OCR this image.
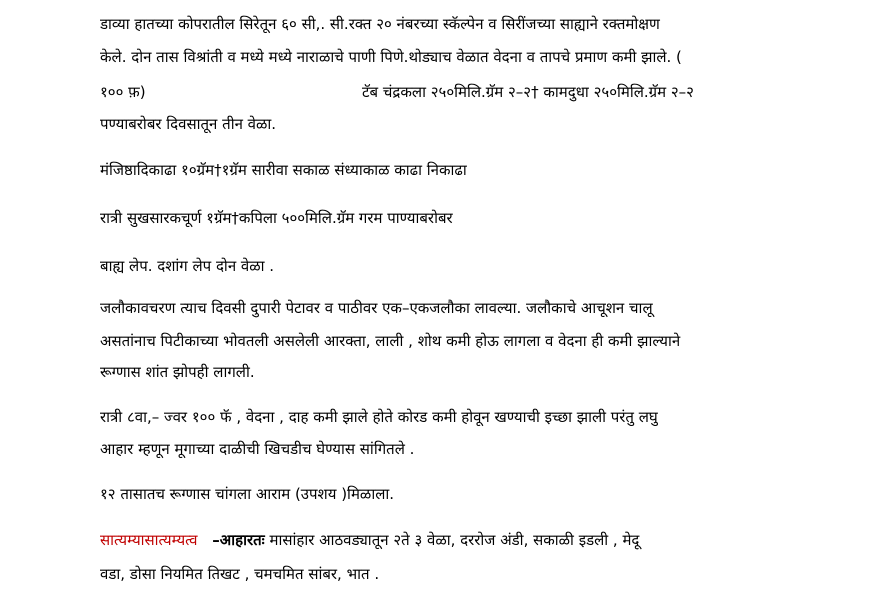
डाव्या हातच्या कोपरातील सिरेतून ६० सी,. सी.रक्त २० नंबरच्या स्कॅल्पेन व सिरींजच्या साह्याने रक्तमोक्षण
केले. दोन तास विश्रांती व मध्ये मध्ये नाराळाचे पाणी पिणे.थोड्याच वेळात वेदना व तापचे प्रमाण कमी झाले. (
१०० फ़)	टॅब चंद्रकला २५०मिलि.ग्रॅम २–२† कामदुधा २५०मिलि.ग्रॅम २–२
पण्याबरोबर दिवसातून तीन वेळा.
मंजिष्ठादिकाढा १०ग्रॅम†१ग्रॅम सारीवा सकाळ संध्याकाळ काढा निकाढा
रात्री सुखसारकचूर्ण १ग्रॅम†कपिला ५००मिलि.ग्रॅम गरम पाण्याबरोबर
बाह्य लेप. दशांग लेप दोन वेळा .
जलौकावचरण त्याच दिवसी दुपारी पेटावर व पाठीवर एक–एकजलौका लावल्या. जलौकाचे आचूशन चालू
असतांनाच पिटीकाच्या भोवतली असलेली आरक्ता, लाली , शोथ कमी होऊ लागला व वेदना ही कमी झाल्याने
रूग्णास शांत झोपही लागली.
रात्री ८वा,– ज्वर १०० फॅ , वेदना , दाह कमी झाले होते कोरड कमी होवून खण्याची इच्छा झाली परंतु लघु
आहार म्हणून मूगाच्या दाळीची खिचडीच घेण्यास सांगितले .
१२ तासातच रूग्णास चांगला आराम (उपशय )मिळाला.
सात्यम्यासात्यम्यत्व –आहारतः मासांहार आठवड्यातून २ते ३ वेळा, दररोज अंडी, सकाळी इडली , मेदू
वडा, डोसा नियमित तिखट , चमचमित सांबर, भात .
